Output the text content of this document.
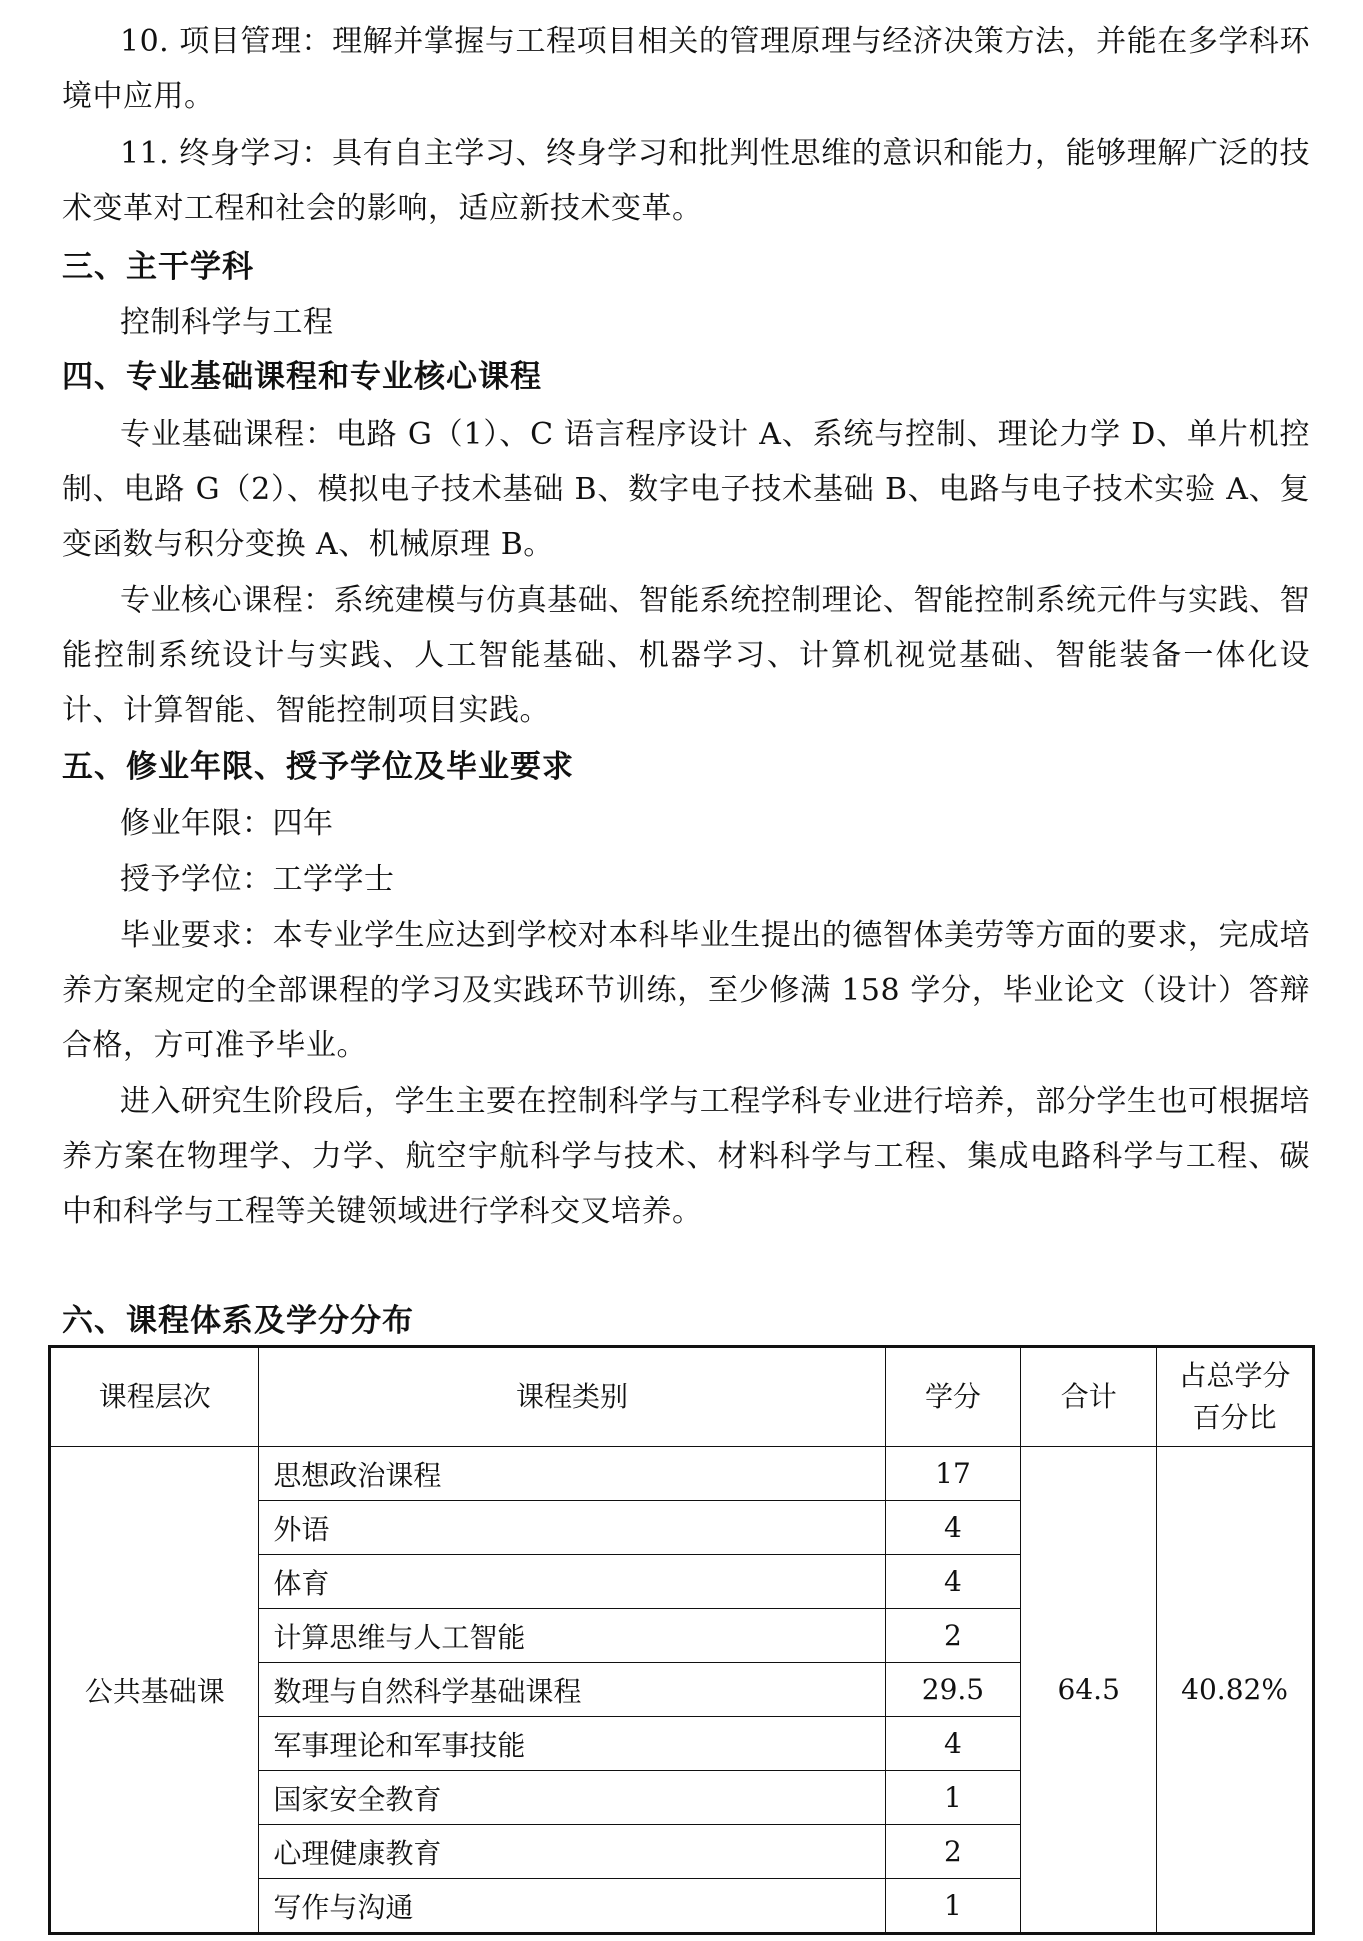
10. 项目管理：理解并掌握与工程项目相关的管理原理与经济决策方法，并能在多学科环境中应用。

11. 终身学习：具有自主学习、终身学习和批判性思维的意识和能力，能够理解广泛的技术变革对工程和社会的影响，适应新技术变革。

三、主干学科

控制科学与工程

四、专业基础课程和专业核心课程

专业基础课程：电路 G（1）、C 语言程序设计 A、系统与控制、理论力学 D、单片机控制、电路 G（2）、模拟电子技术基础 B、数字电子技术基础 B、电路与电子技术实验 A、复变函数与积分变换 A、机械原理 B。

专业核心课程：系统建模与仿真基础、智能系统控制理论、智能控制系统元件与实践、智能控制系统设计与实践、人工智能基础、机器学习、计算机视觉基础、智能装备一体化设计、计算智能、智能控制项目实践。

五、修业年限、授予学位及毕业要求

修业年限：四年

授予学位：工学学士

毕业要求：本专业学生应达到学校对本科毕业生提出的德智体美劳等方面的要求，完成培养方案规定的全部课程的学习及实践环节训练，至少修满 158 学分，毕业论文（设计）答辩合格，方可准予毕业。

进入研究生阶段后，学生主要在控制科学与工程学科专业进行培养，部分学生也可根据培养方案在物理学、力学、航空宇航科学与技术、材料科学与工程、集成电路科学与工程、碳中和科学与工程等关键领域进行学科交叉培养。

六、课程体系及学分分布
课程层次	课程类别	学分	合计	占总学分
百分比
公共基础课	思想政治课程	17	64.5	40.82%
	外语	4		
	体育	4		
	计算思维与人工智能	2		
	数理与自然科学基础课程	29.5		
	军事理论和军事技能	4		
	国家安全教育	1		
	心理健康教育	2		
	写作与沟通	1		
